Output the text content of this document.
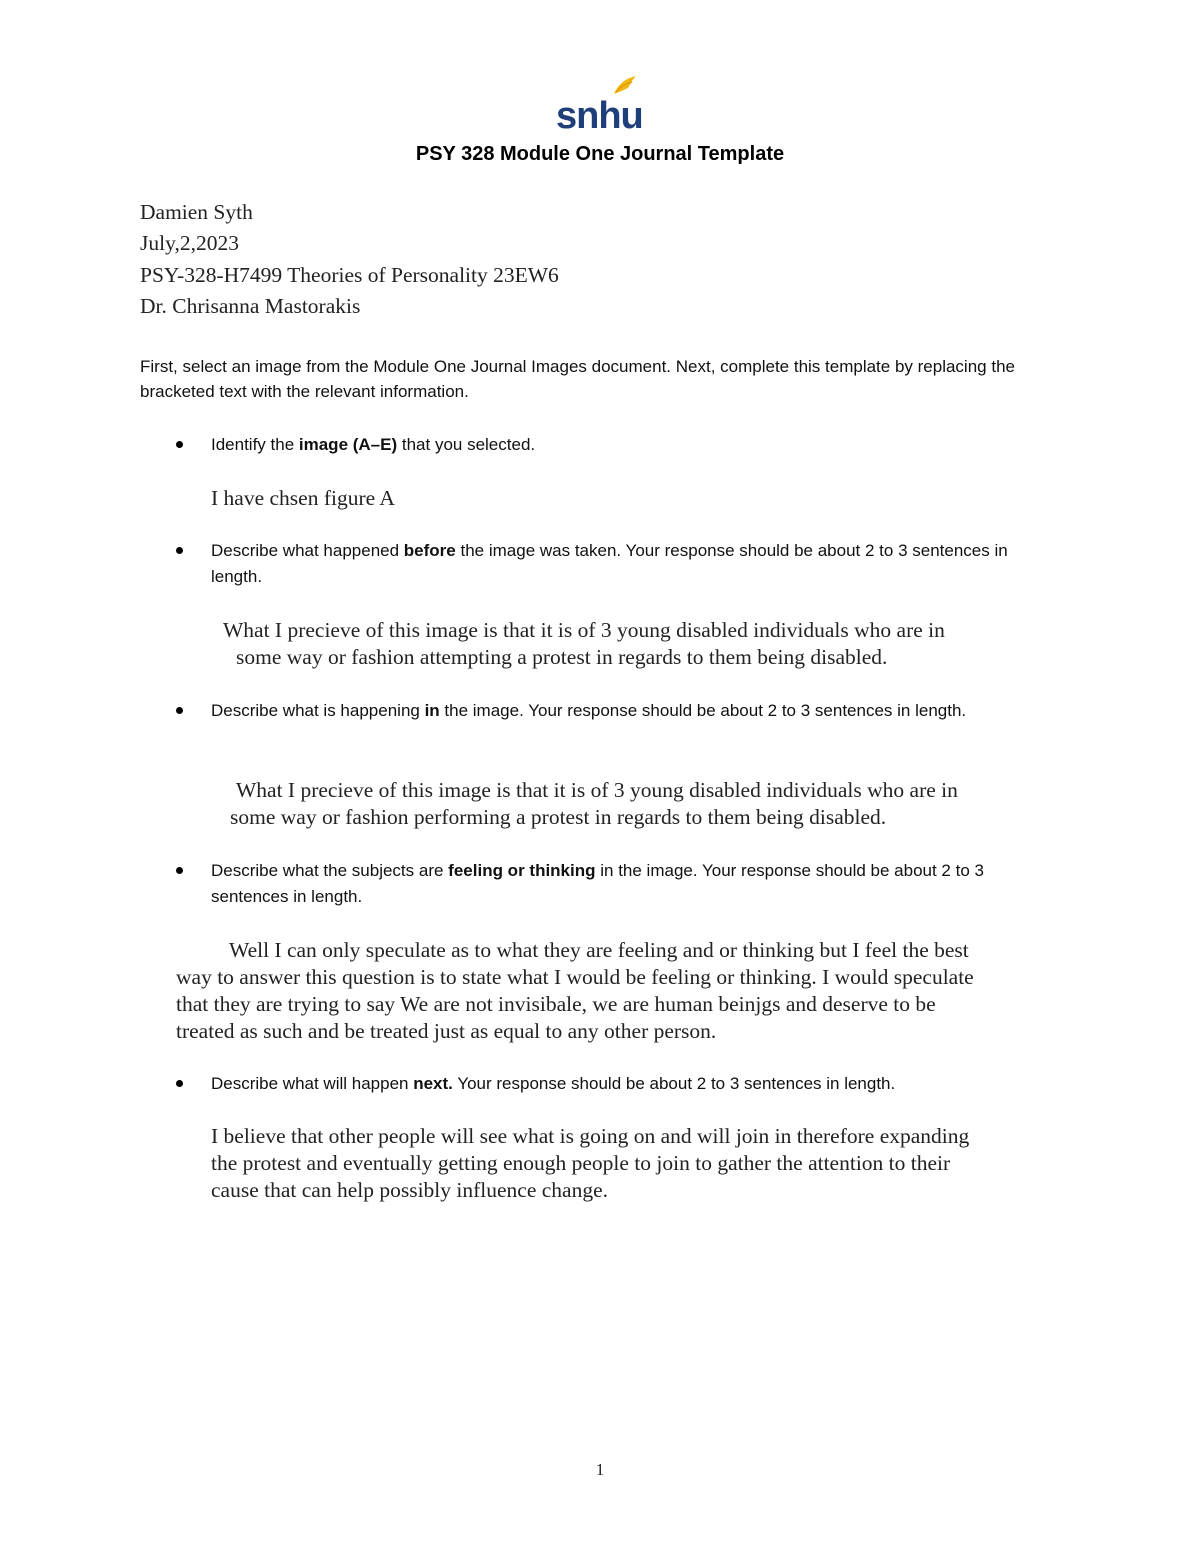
snhu
PSY 328 Module One Journal Template
Damien Syth
July,2,2023
PSY-328-H7499 Theories of Personality 23EW6
Dr. Chrisanna Mastorakis
First, select an image from the Module One Journal Images document. Next, complete this template by replacing the bracketed text with the relevant information.
Identify the image (A–E) that you selected.
I have chsen figure A
Describe what happened before the image was taken. Your response should be about 2 to 3 sentences in length.
What I precieve of this image is that it is of 3 young disabled individuals who are in
some way or fashion attempting a protest in regards to them being disabled.
Describe what is happening in the image. Your response should be about 2 to 3 sentences in length.
What I precieve of this image is that it is of 3 young disabled individuals who are in
some way or fashion performing a protest in regards to them being disabled.
Describe what the subjects are feeling or thinking in the image. Your response should be about 2 to 3 sentences in length.
Well I can only speculate as to what they are feeling and or thinking but I feel the best
way to answer this question is to state what I would be feeling or thinking. I would speculate
that they are trying to say We are not invisibale, we are human beinjgs and deserve to be
treated as such and be treated just as equal to any other person.
Describe what will happen next. Your response should be about 2 to 3 sentences in length.
I believe that other people will see what is going on and will join in therefore expanding
the protest and eventually getting enough people to join to gather the attention to their
cause that can help possibly influence change.
1
